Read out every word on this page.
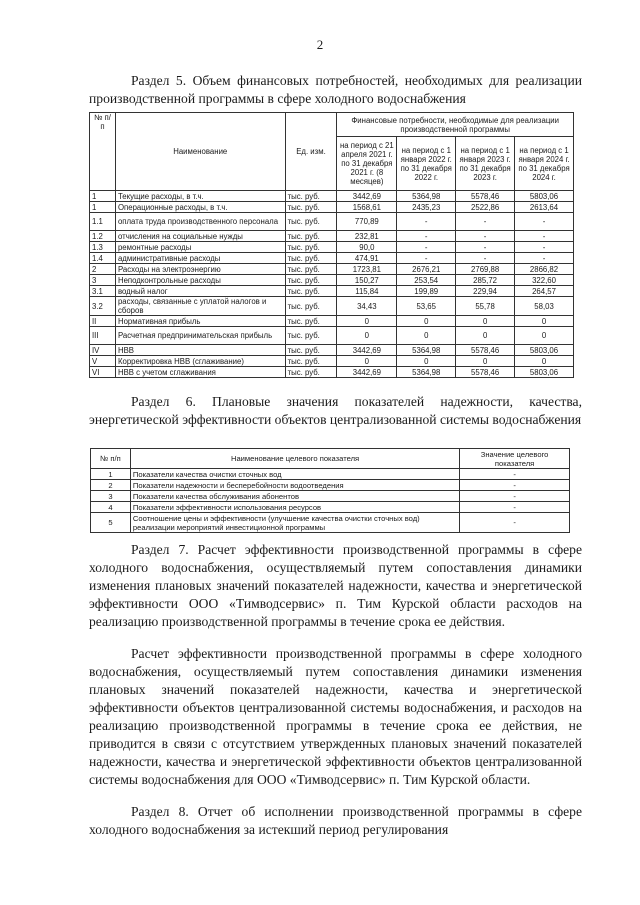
2
Раздел 5. Объем финансовых потребностей, необходимых для реализации производственной программы в сфере холодного водоснабжения
№ п/п	Наименование	Ед. изм.	Финансовые потребности, необходимые для реализации производственной программы			
			на период с 21 апреля 2021 г. по 31 декабря 2021 г. (8 месяцев)	на период с 1 января 2022 г. по 31 декабря 2022 г.	на период с 1 января 2023 г. по 31 декабря 2023 г.	на период с 1 января 2024 г. по 31 декабря 2024 г.
1	Текущие расходы, в т.ч.	тыс. руб.	3442,69	5364,98	5578,46	5803,06
1	Операционные расходы, в т.ч.	тыс. руб.	1568,61	2435,23	2522,86	2613,64
1.1	оплата труда производственного персонала	тыс. руб.	770,89	-	-	-
1.2	отчисления на социальные нужды	тыс. руб.	232,81	-	-	-
1.3	ремонтные расходы	тыс. руб.	90,0	-	-	-
1.4	административные расходы	тыс. руб.	474,91	-	-	-
2	Расходы на электроэнергию	тыс. руб.	1723,81	2676,21	2769,88	2866,82
3	Неподконтрольные расходы	тыс. руб.	150,27	253,54	285,72	322,60
3.1	водный налог	тыс. руб.	115,84	199,89	229,94	264,57
3.2	расходы, связанные с уплатой налогов и сборов	тыс. руб.	34,43	53,65	55,78	58,03
II	Нормативная прибыль	тыс. руб.	0	0	0	0
III	Расчетная предпринимательская прибыль	тыс. руб.	0	0	0	0
IV	НВВ	тыс. руб.	3442,69	5364,98	5578,46	5803,06
V	Корректировка НВВ (сглаживание)	тыс. руб.	0	0	0	0
VI	НВВ с учетом сглаживания	тыс. руб.	3442,69	5364,98	5578,46	5803,06
Раздел 6. Плановые значения показателей надежности, качества, энергетической эффективности объектов централизованной системы водоснабжения
№ п/п	Наименование целевого показателя	Значение целевого показателя
1	Показатели качества очистки сточных вод	-
2	Показатели надежности и бесперебойности водоотведения	-
3	Показатели качества обслуживания абонентов	-
4	Показатели эффективности использования ресурсов	-
5	Соотношение цены и эффективности (улучшение качества очистки сточных вод) реализации мероприятий инвестиционной программы	-
Раздел 7. Расчет эффективности производственной программы в сфере холодного водоснабжения, осуществляемый путем сопоставления динамики изменения плановых значений показателей надежности, качества и энергетической эффективности ООО «Тимводсервис» п. Тим Курской области расходов на реализацию производственной программы в течение срока ее действия.
Расчет эффективности производственной программы в сфере холодного водоснабжения, осуществляемый путем сопоставления динамики изменения плановых значений показателей надежности, качества и энергетической эффективности объектов централизованной системы водоснабжения, и расходов на реализацию производственной программы в течение срока ее действия, не приводится в связи с отсутствием утвержденных плановых значений показателей надежности, качества и энергетической эффективности объектов централизованной системы водоснабжения для ООО «Тимводсервис» п. Тим Курской области.
Раздел 8. Отчет об исполнении производственной программы в сфере холодного водоснабжения за истекший период регулирования
